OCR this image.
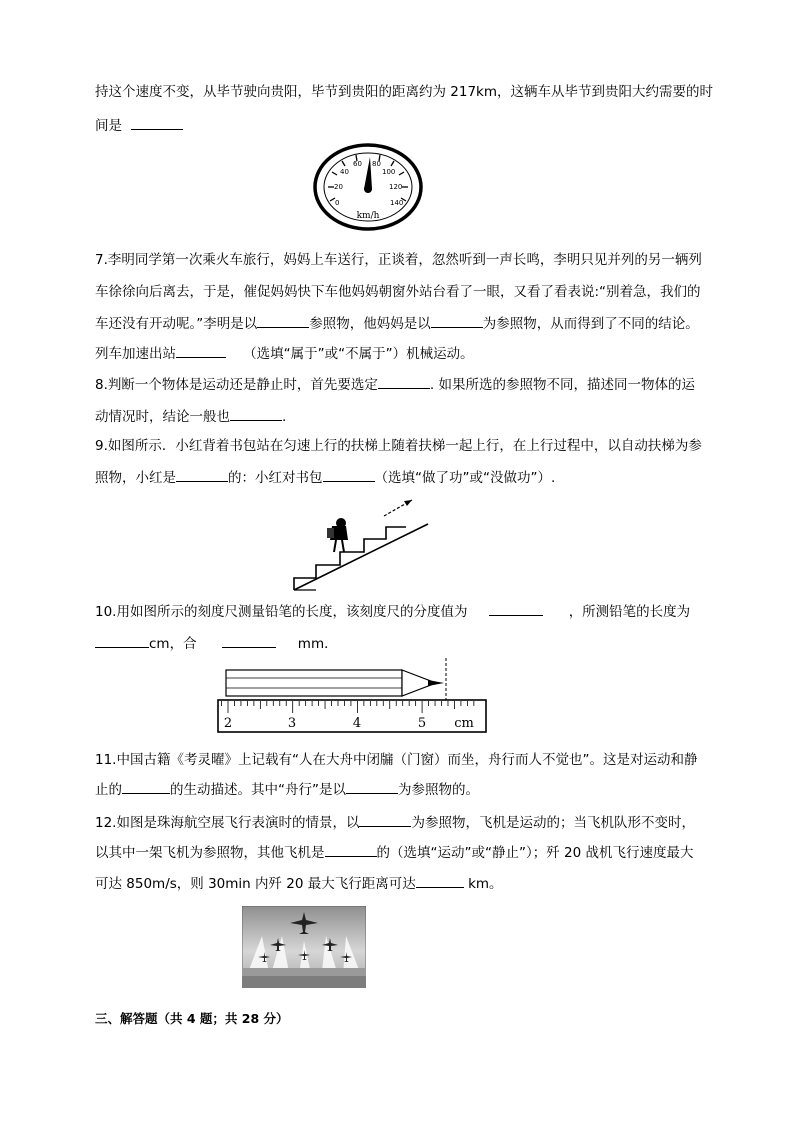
持这个速度不变，从毕节驶向贵阳，毕节到贵阳的距离约为 217km，这辆车从毕节到贵阳大约需要的时
间是
0
20
40
60 80
100
120
140
km/h
7.李明同学第一次乘火车旅行，妈妈上车送行，正谈着，忽然听到一声长鸣，李明只见并列的另一辆列
车徐徐向后离去，于是，催促妈妈快下车他妈妈朝窗外站台看了一眼，又看了看表说:“别着急，我们的
车还没有开动呢。”李明是以	参照物，他妈妈是以	为参照物，从而得到了不同的结论。
列车加速出站	（选填“属于”或“不属于”）机械运动。
8.判断一个物体是运动还是静止时，首先要选定	. 如果所选的参照物不同，描述同一物体的运
动情况时，结论一般也	.
9.如图所示．小红背着书包站在匀速上行的扶梯上随着扶梯一起上行，在上行过程中，以自动扶梯为参
照物，小红是	的：小红对书包	（选填“做了功”或“没做功”）.
10.用如图所示的刻度尺测量铅笔的长度，该刻度尺的分度值为	，所测铅笔的长度为
cm，合	mm．
2	3	4	5 cm
11.中国古籍《考灵曜》上记载有“人在大舟中闭牖（门窗）而坐，舟行而人不觉也”。这是对运动和静
止的	的生动描述。其中“舟行”是以	为参照物的。
12.如图是珠海航空展飞行表演时的情景，以	为参照物，飞机是运动的；当飞机队形不变时，
以其中一架飞机为参照物，其他飞机是	的（选填“运动”或“静止”）；歼 20 战机飞行速度最大
可达 850m/s，则 30min 内歼 20 最大飞行距离可达	km。
三、解答题（共 4 题；共 28 分）
